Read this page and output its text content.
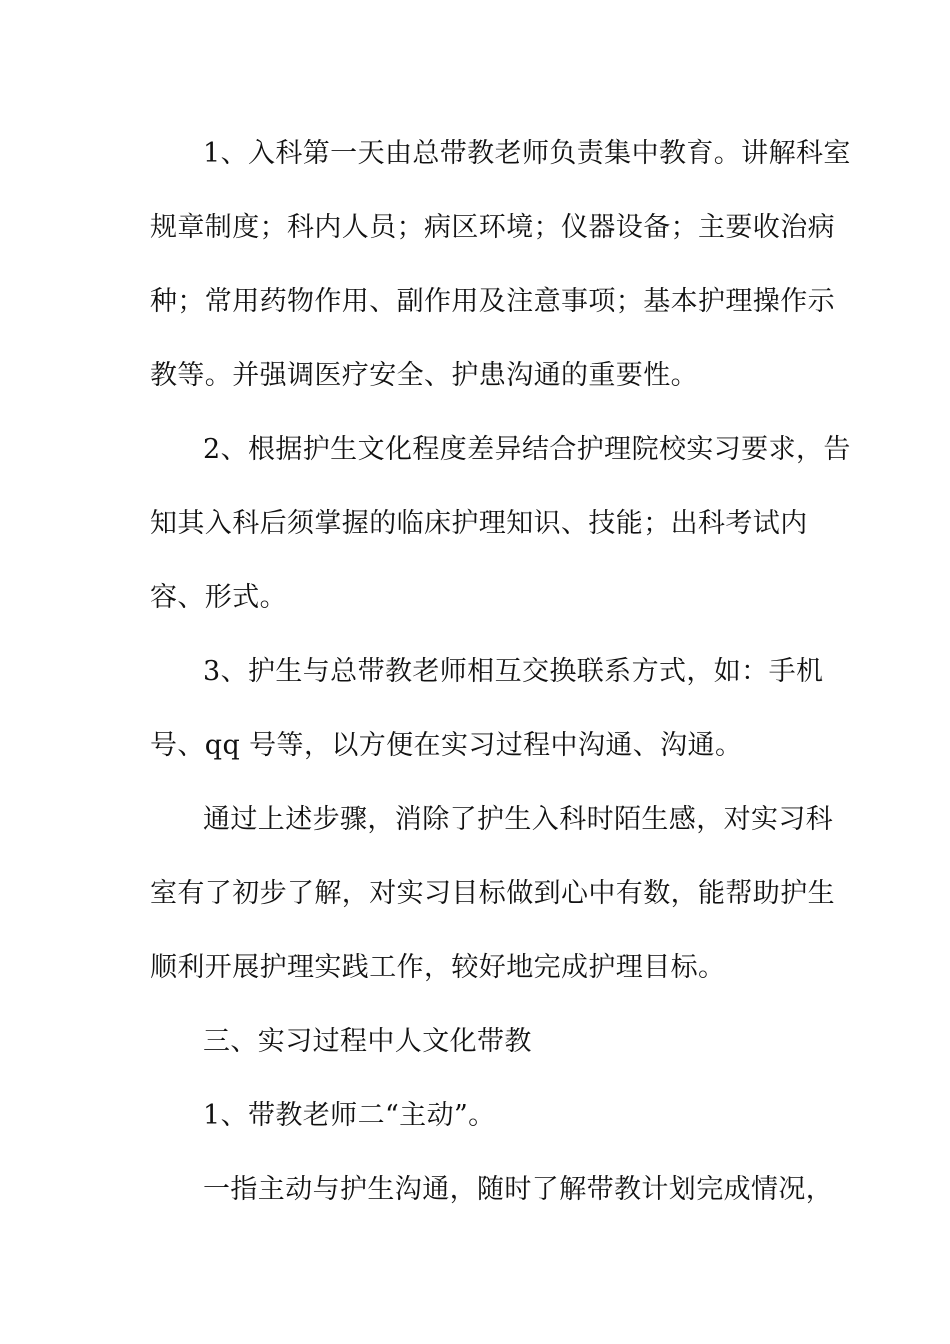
1、入科第一天由总带教老师负责集中教育。讲解科室
规章制度；科内人员；病区环境；仪器设备；主要收治病
种；常用药物作用、副作用及注意事项；基本护理操作示
教等。并强调医疗安全、护患沟通的重要性。
2、根据护生文化程度差异结合护理院校实习要求，告
知其入科后须掌握的临床护理知识、技能；出科考试内
容、形式。
3、护生与总带教老师相互交换联系方式，如：手机
号、qq 号等，以方便在实习过程中沟通、沟通。
通过上述步骤，消除了护生入科时陌生感，对实习科
室有了初步了解，对实习目标做到心中有数，能帮助护生
顺利开展护理实践工作，较好地完成护理目标。
三、实习过程中人文化带教
1、带教老师二“主动”。
一指主动与护生沟通，随时了解带教计划完成情况，
